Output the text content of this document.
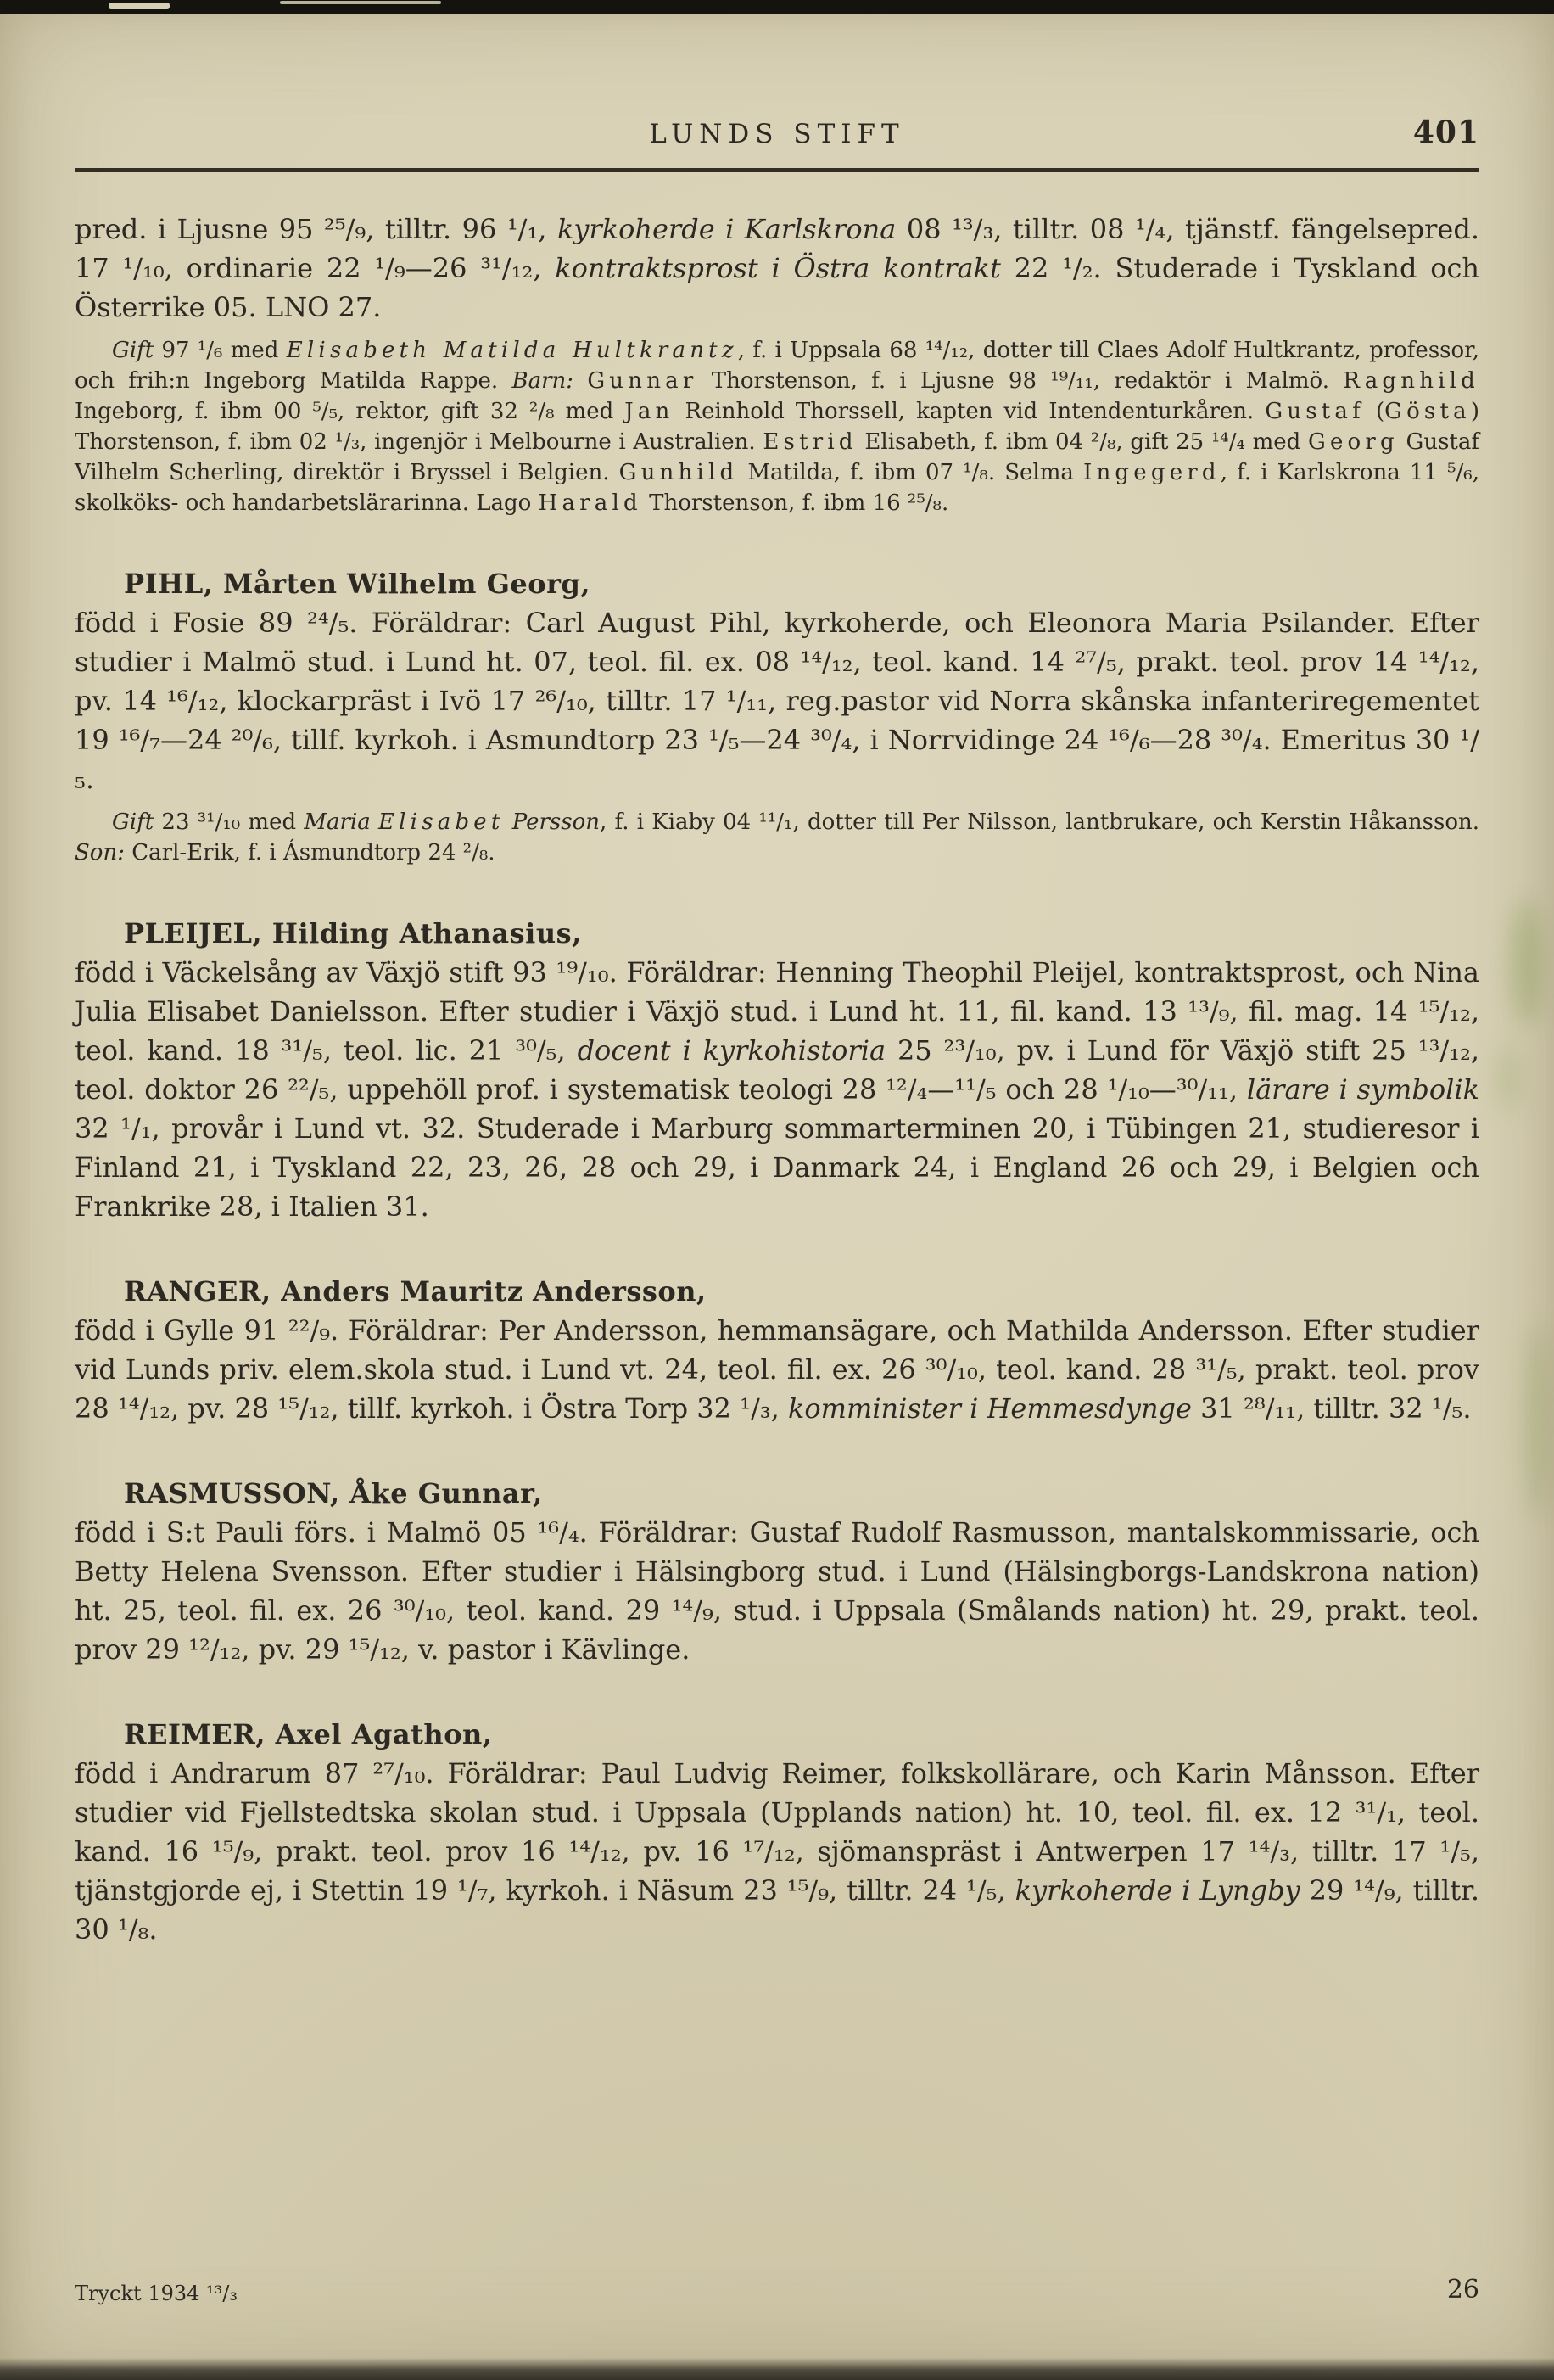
LUNDS STIFT	401

pred. i Ljusne 95 ²⁵/₉, tilltr. 96 ¹/₁, kyrkoherde i Karlskrona 08 ¹³/₃, tilltr. 08 ¹/₄, tjänstf. fängelsepred. 17 ¹/₁₀, ordinarie 22 ¹/₉—26 ³¹/₁₂, kontraktsprost i Östra kontrakt 22 ¹/₂. Studerade i Tyskland och Österrike 05. LNO 27.

Gift 97 ¹/₆ med Elisabeth Matilda Hultkrantz, f. i Uppsala 68 ¹⁴/₁₂, dotter till Claes Adolf Hultkrantz, professor, och frih:n Ingeborg Matilda Rappe. Barn: Gunnar Thorstenson, f. i Ljusne 98 ¹⁹/₁₁, redaktör i Malmö. Ragnhild Ingeborg, f. ibm 00 ⁵/₅, rektor, gift 32 ²/₈ med Jan Reinhold Thorssell, kapten vid Intendenturkåren. Gustaf (Gösta) Thorstenson, f. ibm 02 ¹/₃, ingenjör i Melbourne i Australien. Estrid Elisabeth, f. ibm 04 ²/₈, gift 25 ¹⁴/₄ med Georg Gustaf Vilhelm Scherling, direktör i Bryssel i Belgien. Gunhild Matilda, f. ibm 07 ¹/₈. Selma Ingegerd, f. i Karlskrona 11 ⁵/₆, skolköks- och handarbetslärarinna. Lago Harald Thorstenson, f. ibm 16 ²⁵/₈.

PIHL, Mårten Wilhelm Georg,

född i Fosie 89 ²⁴/₅. Föräldrar: Carl August Pihl, kyrkoherde, och Eleonora Maria Psilander. Efter studier i Malmö stud. i Lund ht. 07, teol. fil. ex. 08 ¹⁴/₁₂, teol. kand. 14 ²⁷/₅, prakt. teol. prov 14 ¹⁴/₁₂, pv. 14 ¹⁶/₁₂, klockarpräst i Ivö 17 ²⁶/₁₀, tilltr. 17 ¹/₁₁, reg.pastor vid Norra skånska infanteriregementet 19 ¹⁶/₇—24 ²⁰/₆, tillf. kyrkoh. i Asmundtorp 23 ¹/₅—24 ³⁰/₄, i Norrvidinge 24 ¹⁶/₆—28 ³⁰/₄. Emeritus 30 ¹/₅.

Gift 23 ³¹/₁₀ med Maria Elisabet Persson, f. i Kiaby 04 ¹¹/₁, dotter till Per Nilsson, lantbrukare, och Kerstin Håkansson. Son: Carl-Erik, f. i Ásmundtorp 24 ²/₈.

PLEIJEL, Hilding Athanasius,

född i Väckelsång av Växjö stift 93 ¹⁹/₁₀. Föräldrar: Henning Theophil Pleijel, kontraktsprost, och Nina Julia Elisabet Danielsson. Efter studier i Växjö stud. i Lund ht. 11, fil. kand. 13 ¹³/₉, fil. mag. 14 ¹⁵/₁₂, teol. kand. 18 ³¹/₅, teol. lic. 21 ³⁰/₅, docent i kyrkohistoria 25 ²³/₁₀, pv. i Lund för Växjö stift 25 ¹³/₁₂, teol. doktor 26 ²²/₅, uppehöll prof. i systematisk teologi 28 ¹²/₄—¹¹/₅ och 28 ¹/₁₀—³⁰/₁₁, lärare i symbolik 32 ¹/₁, provår i Lund vt. 32. Studerade i Marburg sommarterminen 20, i Tübingen 21, studieresor i Finland 21, i Tyskland 22, 23, 26, 28 och 29, i Danmark 24, i England 26 och 29, i Belgien och Frankrike 28, i Italien 31.

RANGER, Anders Mauritz Andersson,

född i Gylle 91 ²²/₉. Föräldrar: Per Andersson, hemmansägare, och Mathilda Andersson. Efter studier vid Lunds priv. elem.skola stud. i Lund vt. 24, teol. fil. ex. 26 ³⁰/₁₀, teol. kand. 28 ³¹/₅, prakt. teol. prov 28 ¹⁴/₁₂, pv. 28 ¹⁵/₁₂, tillf. kyrkoh. i Östra Torp 32 ¹/₃, komminister i Hemmesdynge 31 ²⁸/₁₁, tilltr. 32 ¹/₅.

RASMUSSON, Åke Gunnar,

född i S:t Pauli förs. i Malmö 05 ¹⁶/₄. Föräldrar: Gustaf Rudolf Rasmusson, mantalskommissarie, och Betty Helena Svensson. Efter studier i Hälsingborg stud. i Lund (Hälsingborgs-Landskrona nation) ht. 25, teol. fil. ex. 26 ³⁰/₁₀, teol. kand. 29 ¹⁴/₉, stud. i Uppsala (Smålands nation) ht. 29, prakt. teol. prov 29 ¹²/₁₂, pv. 29 ¹⁵/₁₂, v. pastor i Kävlinge.

REIMER, Axel Agathon,

född i Andrarum 87 ²⁷/₁₀. Föräldrar: Paul Ludvig Reimer, folkskollärare, och Karin Månsson. Efter studier vid Fjellstedtska skolan stud. i Uppsala (Upplands nation) ht. 10, teol. fil. ex. 12 ³¹/₁, teol. kand. 16 ¹⁵/₉, prakt. teol. prov 16 ¹⁴/₁₂, pv. 16 ¹⁷/₁₂, sjömanspräst i Antwerpen 17 ¹⁴/₃, tilltr. 17 ¹/₅, tjänstgjorde ej, i Stettin 19 ¹/₇, kyrkoh. i Näsum 23 ¹⁵/₉, tilltr. 24 ¹/₅, kyrkoherde i Lyngby 29 ¹⁴/₉, tilltr. 30 ¹/₈.

Tryckt 1934 ¹³/₃	26
